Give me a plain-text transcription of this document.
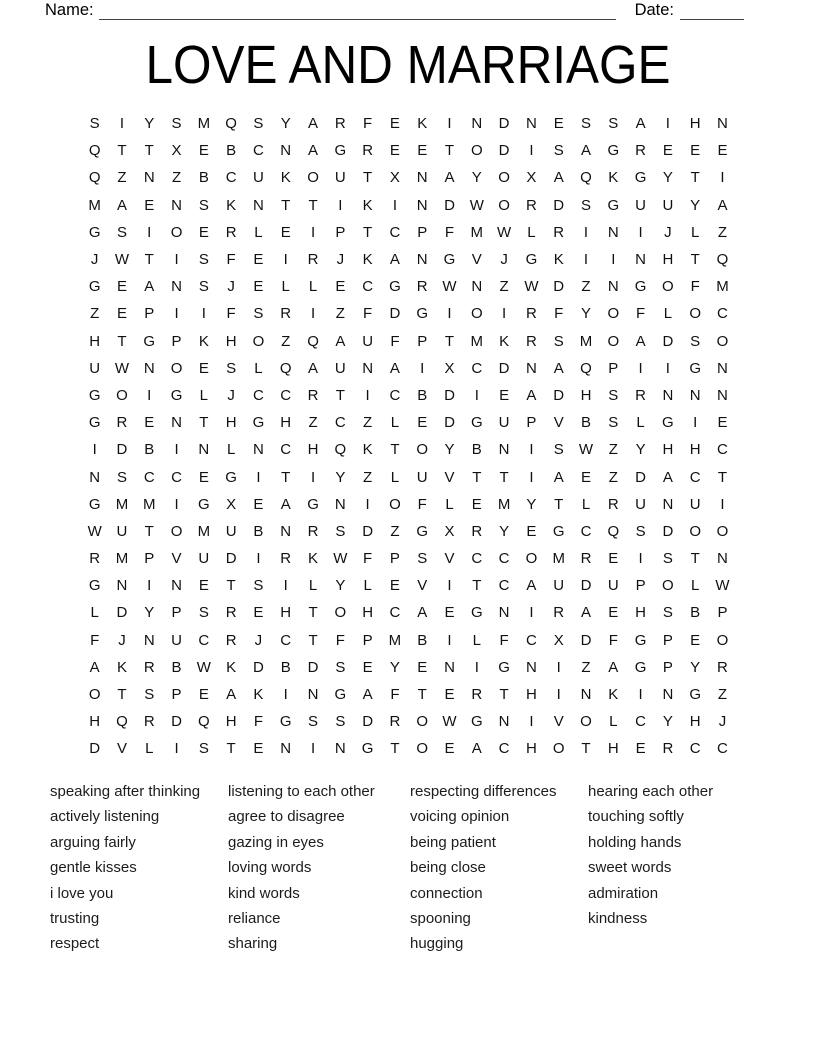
Name:	Date:
LOVE AND MARRIAGE
S	I	Y	S	M	Q	S	Y	A	R	F	E	K	I	N	D	N	E	S	S	A	I	H	N
Q	T	T	X	E	B	C	N	A	G	R	E	E	T	O	D	I	S	A	G	R	E	E	E
Q	Z	N	Z	B	C	U	K	O	U	T	X	N	A	Y	O	X	A	Q	K	G	Y	T	I
M	A	E	N	S	K	N	T	T	I	K	I	N	D W O	R	D	S	G	U	U	Y	A
G	S	I	O	E	R	L	E	I	P	T	C	P	F	M W	L	R	I	N	I	J	L	Z
J	W	T	I	S	F	E	I	R	J	K	A	N	G	V	J	G	K	I	I	N	H	T	Q
G	E	A	N	S	J	E	L	L	E	C	G	R W N	Z	W D	Z	N	G	O	F	M
Z	E	P	I	I	F	S	R	I	Z	F	D	G	I	O	I	R	F	Y	O	F	L	O	C
H	T	G	P	K	H	O	Z	Q	A	U	F	P	T	M	K	R	S	M	O	A	D	S	O
U W N	O	E	S	L	Q	A	U	N	A	I	X	C	D	N	A	Q	P	I	I	G	N
G	O	I	G	L	J	C	C	R	T	I	C	B	D	I	E	A	D	H	S	R	N	N	N
G	R	E	N	T	H	G	H	Z	C	Z	L	E	D	G	U	P	V	B	S	L	G	I	E
I	D	B	I	N	L	N	C	H	Q	K	T	O	Y	B	N	I	S	W	Z	Y	H	H	C
N	S	C	C	E	G	I	T	I	Y	Z	L	U	V	T	T	I	A	E	Z	D	A	C	T
G	M M	I	G	X	E	A	G	N	I	O	F	L	E	M	Y	T	L	R	U	N	U	I
W U	T	O	M	U	B	N	R	S	D	Z	G	X	R	Y	E	G	C	Q	S	D	O	O
R	M	P	V	U	D	I	R	K	W	F	P	S	V	C	C	O	M	R	E	I	S	T	N
G	N	I	N	E	T	S	I	L	Y	L	E	V	I	T	C	A	U	D	U	P	O	L	W
L	D	Y	P	S	R	E	H	T	O	H	C	A	E	G	N	I	R	A	E	H	S	B	P
F	J	N	U	C	R	J	C	T	F	P	M	B	I	L	F	C	X	D	F	G	P	E	O
A	K	R	B	W	K	D	B	D	S	E	Y	E	N	I	G	N	I	Z	A	G	P	Y	R
O	T	S	P	E	A	K	I	N	G	A	F	T	E	R	T	H	I	N	K	I	N	G	Z
H	Q	R	D	Q	H	F	G	S	S	D	R	O W G	N	I	V	O	L	C	Y	H	J
D	V	L	I	S	T	E	N	I	N	G	T	O	E	A	C	H	O	T	H	E	R	C	C
speaking after thinking
actively listening
arguing fairly
gentle kisses
i love you
trusting
respect
listening to each other
agree to disagree
gazing in eyes
loving words
kind words
reliance
sharing
respecting differences
voicing opinion
being patient
being close
connection
spooning
hugging
hearing each other
touching softly
holding hands
sweet words
admiration
kindness
